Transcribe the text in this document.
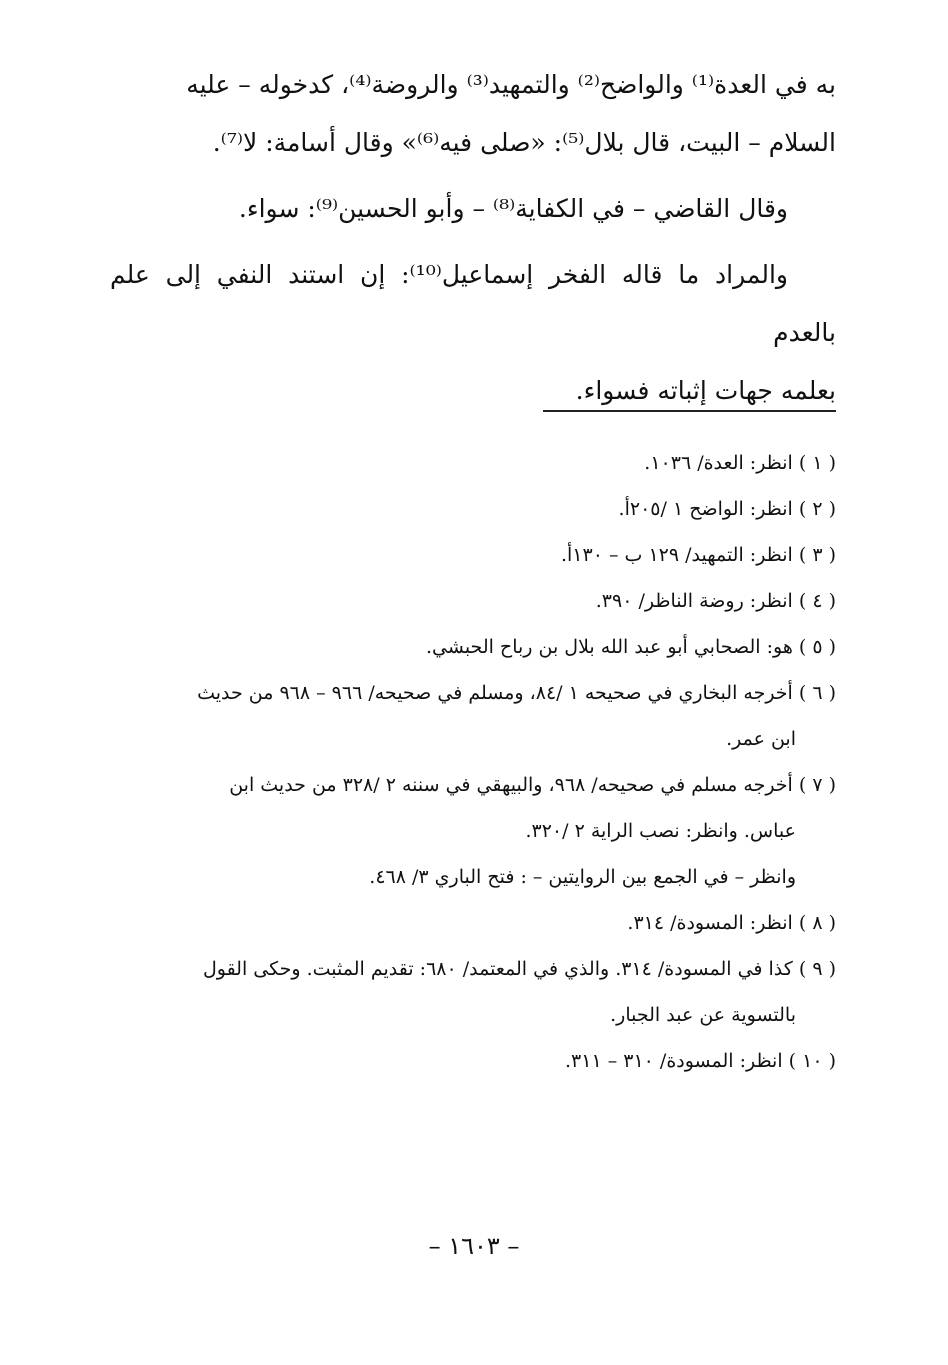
به في العدة⁽¹⁾ والواضح⁽²⁾ والتمهيد⁽³⁾ والروضة⁽⁴⁾، كدخوله – عليه

السلام – البيت، قال بلال⁽⁵⁾: «صلى فيه⁽⁶⁾» وقال أسامة: لا⁽⁷⁾.

وقال القاضي – في الكفاية⁽⁸⁾ – وأبو الحسين⁽⁹⁾: سواء.

والمراد ما قاله الفخر إسماعيل⁽¹⁰⁾: إن استند النفي إلى علم بالعدم

بعلمه جهات إثباته فسواء.

( ١ ) انظر: العدة/ ١٠٣٦.

( ٢ ) انظر: الواضح ١ /٢٠٥أ.

( ٣ ) انظر: التمهيد/ ١٢٩ ب – ١٣٠أ.

( ٤ ) انظر: روضة الناظر/ ٣٩٠.

( ٥ ) هو: الصحابي أبو عبد الله بلال بن رباح الحبشي.

( ٦ ) أخرجه البخاري في صحيحه ١ /٨٤، ومسلم في صحيحه/ ٩٦٦ – ٩٦٨ من حديث

ابن عمر.

( ٧ ) أخرجه مسلم في صحيحه/ ٩٦٨، والبيهقي في سننه ٢ /٣٢٨ من حديث ابن

عباس. وانظر: نصب الراية ٢ /٣٢٠.

وانظر – في الجمع بين الروايتين – : فتح الباري ٣/ ٤٦٨.

( ٨ ) انظر: المسودة/ ٣١٤.

( ٩ ) كذا في المسودة/ ٣١٤. والذي في المعتمد/ ٦٨٠: تقديم المثبت. وحكى القول

بالتسوية عن عبد الجبار.

( ١٠ ) انظر: المسودة/ ٣١٠ – ٣١١.

– ١٦٠٣ –
